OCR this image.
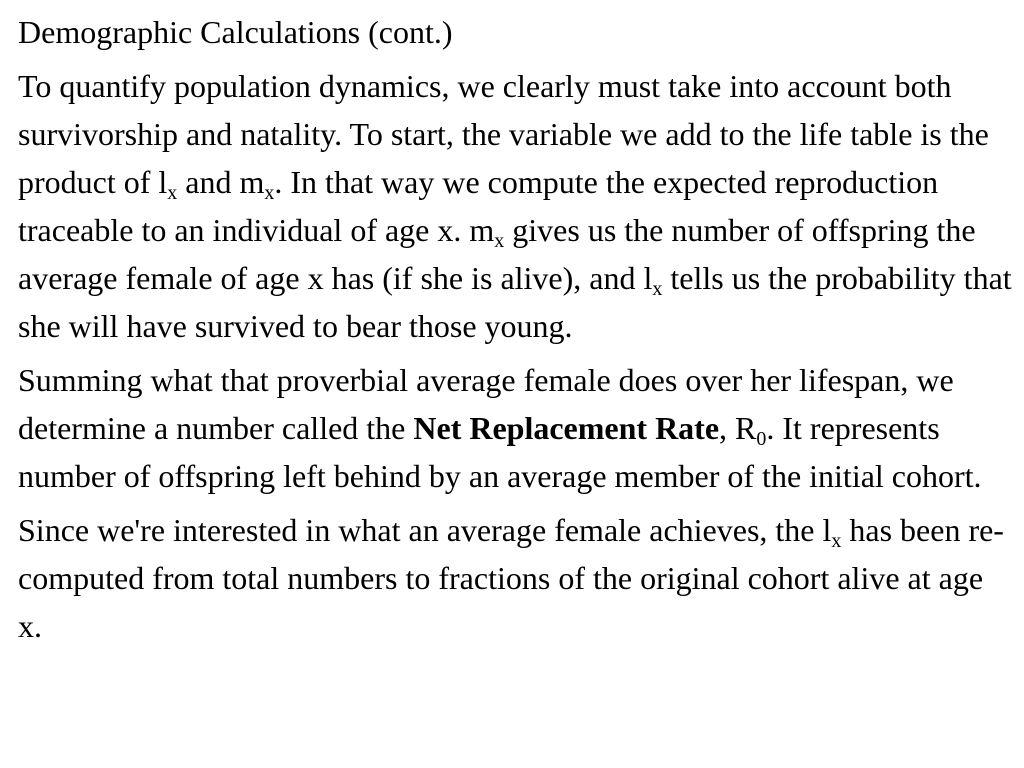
Demographic Calculations (cont.)

To quantify population dynamics, we clearly must take into account both survivorship and natality. To start, the variable we add to the life table is the product of $l_x$ and $m_x$. In that way we compute the expected reproduction traceable to an individual of age x. $m_x$ gives us the number of offspring the average female of age x has (if she is alive), and $l_x$ tells us the probability that she will have survived to bear those young.

Summing what that proverbial average female does over her lifespan, we determine a number called the Net Replacement Rate, $R_0$. It represents number of offspring left behind by an average member of the initial cohort.

Since we're interested in what an average female achieves, the $l_x$ has been re-computed from total numbers to fractions of the original cohort alive at age x.
